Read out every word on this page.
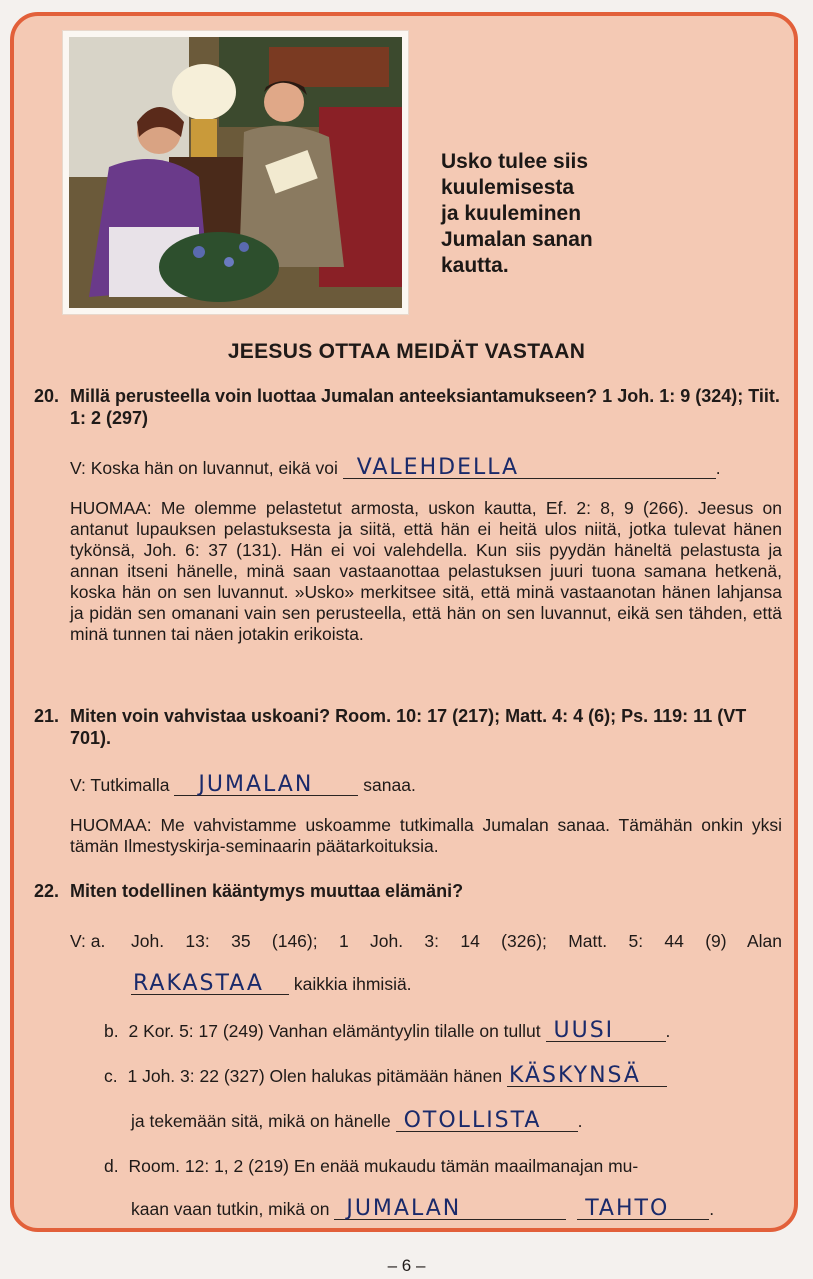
Usko tulee siis
kuulemisesta
ja kuuleminen
Jumalan sanan
kautta.
JEESUS OTTAA MEIDÄT VASTAAN
20. Millä perusteella voin luottaa Jumalan anteeksiantamukseen? 1 Joh. 1: 9 (324); Tiit. 1: 2 (297)
V: Koska hän on luvannut, eikä voi VALEHDELLA	.
HUOMAA: Me olemme pelastetut armosta, uskon kautta, Ef. 2: 8, 9 (266). Jeesus on antanut lupauksen pelastuksesta ja siitä, että hän ei heitä ulos niitä, jotka tulevat hänen tykönsä, Joh. 6: 37 (131). Hän ei voi valehdella. Kun siis pyydän häneltä pelastusta ja annan itseni hänelle, minä saan vastaanottaa pelastuksen juuri tuona samana hetkenä, koska hän on sen luvannut. »Usko» merkitsee sitä, että minä vastaanotan hänen lahjansa ja pidän sen omanani vain sen perusteella, että hän on sen luvannut, eikä sen tähden, että minä tunnen tai näen jotakin erikoista.
21. Miten voin vahvistaa uskoani? Room. 10: 17 (217); Matt. 4: 4 (6); Ps. 119: 11 (VT 701).
V: Tutkimalla JUMALAN	sanaa.
HUOMAA: Me vahvistamme uskoamme tutkimalla Jumalan sanaa. Tämähän onkin yksi tämän Ilmestyskirja-seminaarin päätarkoituksia.
22. Miten todellinen kääntymys muuttaa elämäni?
V: a. Joh. 13: 35 (146); 1 Joh. 3: 14 (326); Matt. 5: 44 (9) Alan
RAKASTAA kaikkia ihmisiä.
b. 2 Kor. 5: 17 (249) Vanhan elämäntyylin tilalle on tullut UUSI	.
c. 1 Joh. 3: 22 (327) Olen halukas pitämään hänen KÄSKYNSÄ
ja tekemään sitä, mikä on hänelle OTOLLISTA .
d. Room. 12: 1, 2 (219) En enää mukaudu tämän maailmanajan mu-
kaan vaan tutkin, mikä on JUMALAN
	TAHTO .
– 6 –
